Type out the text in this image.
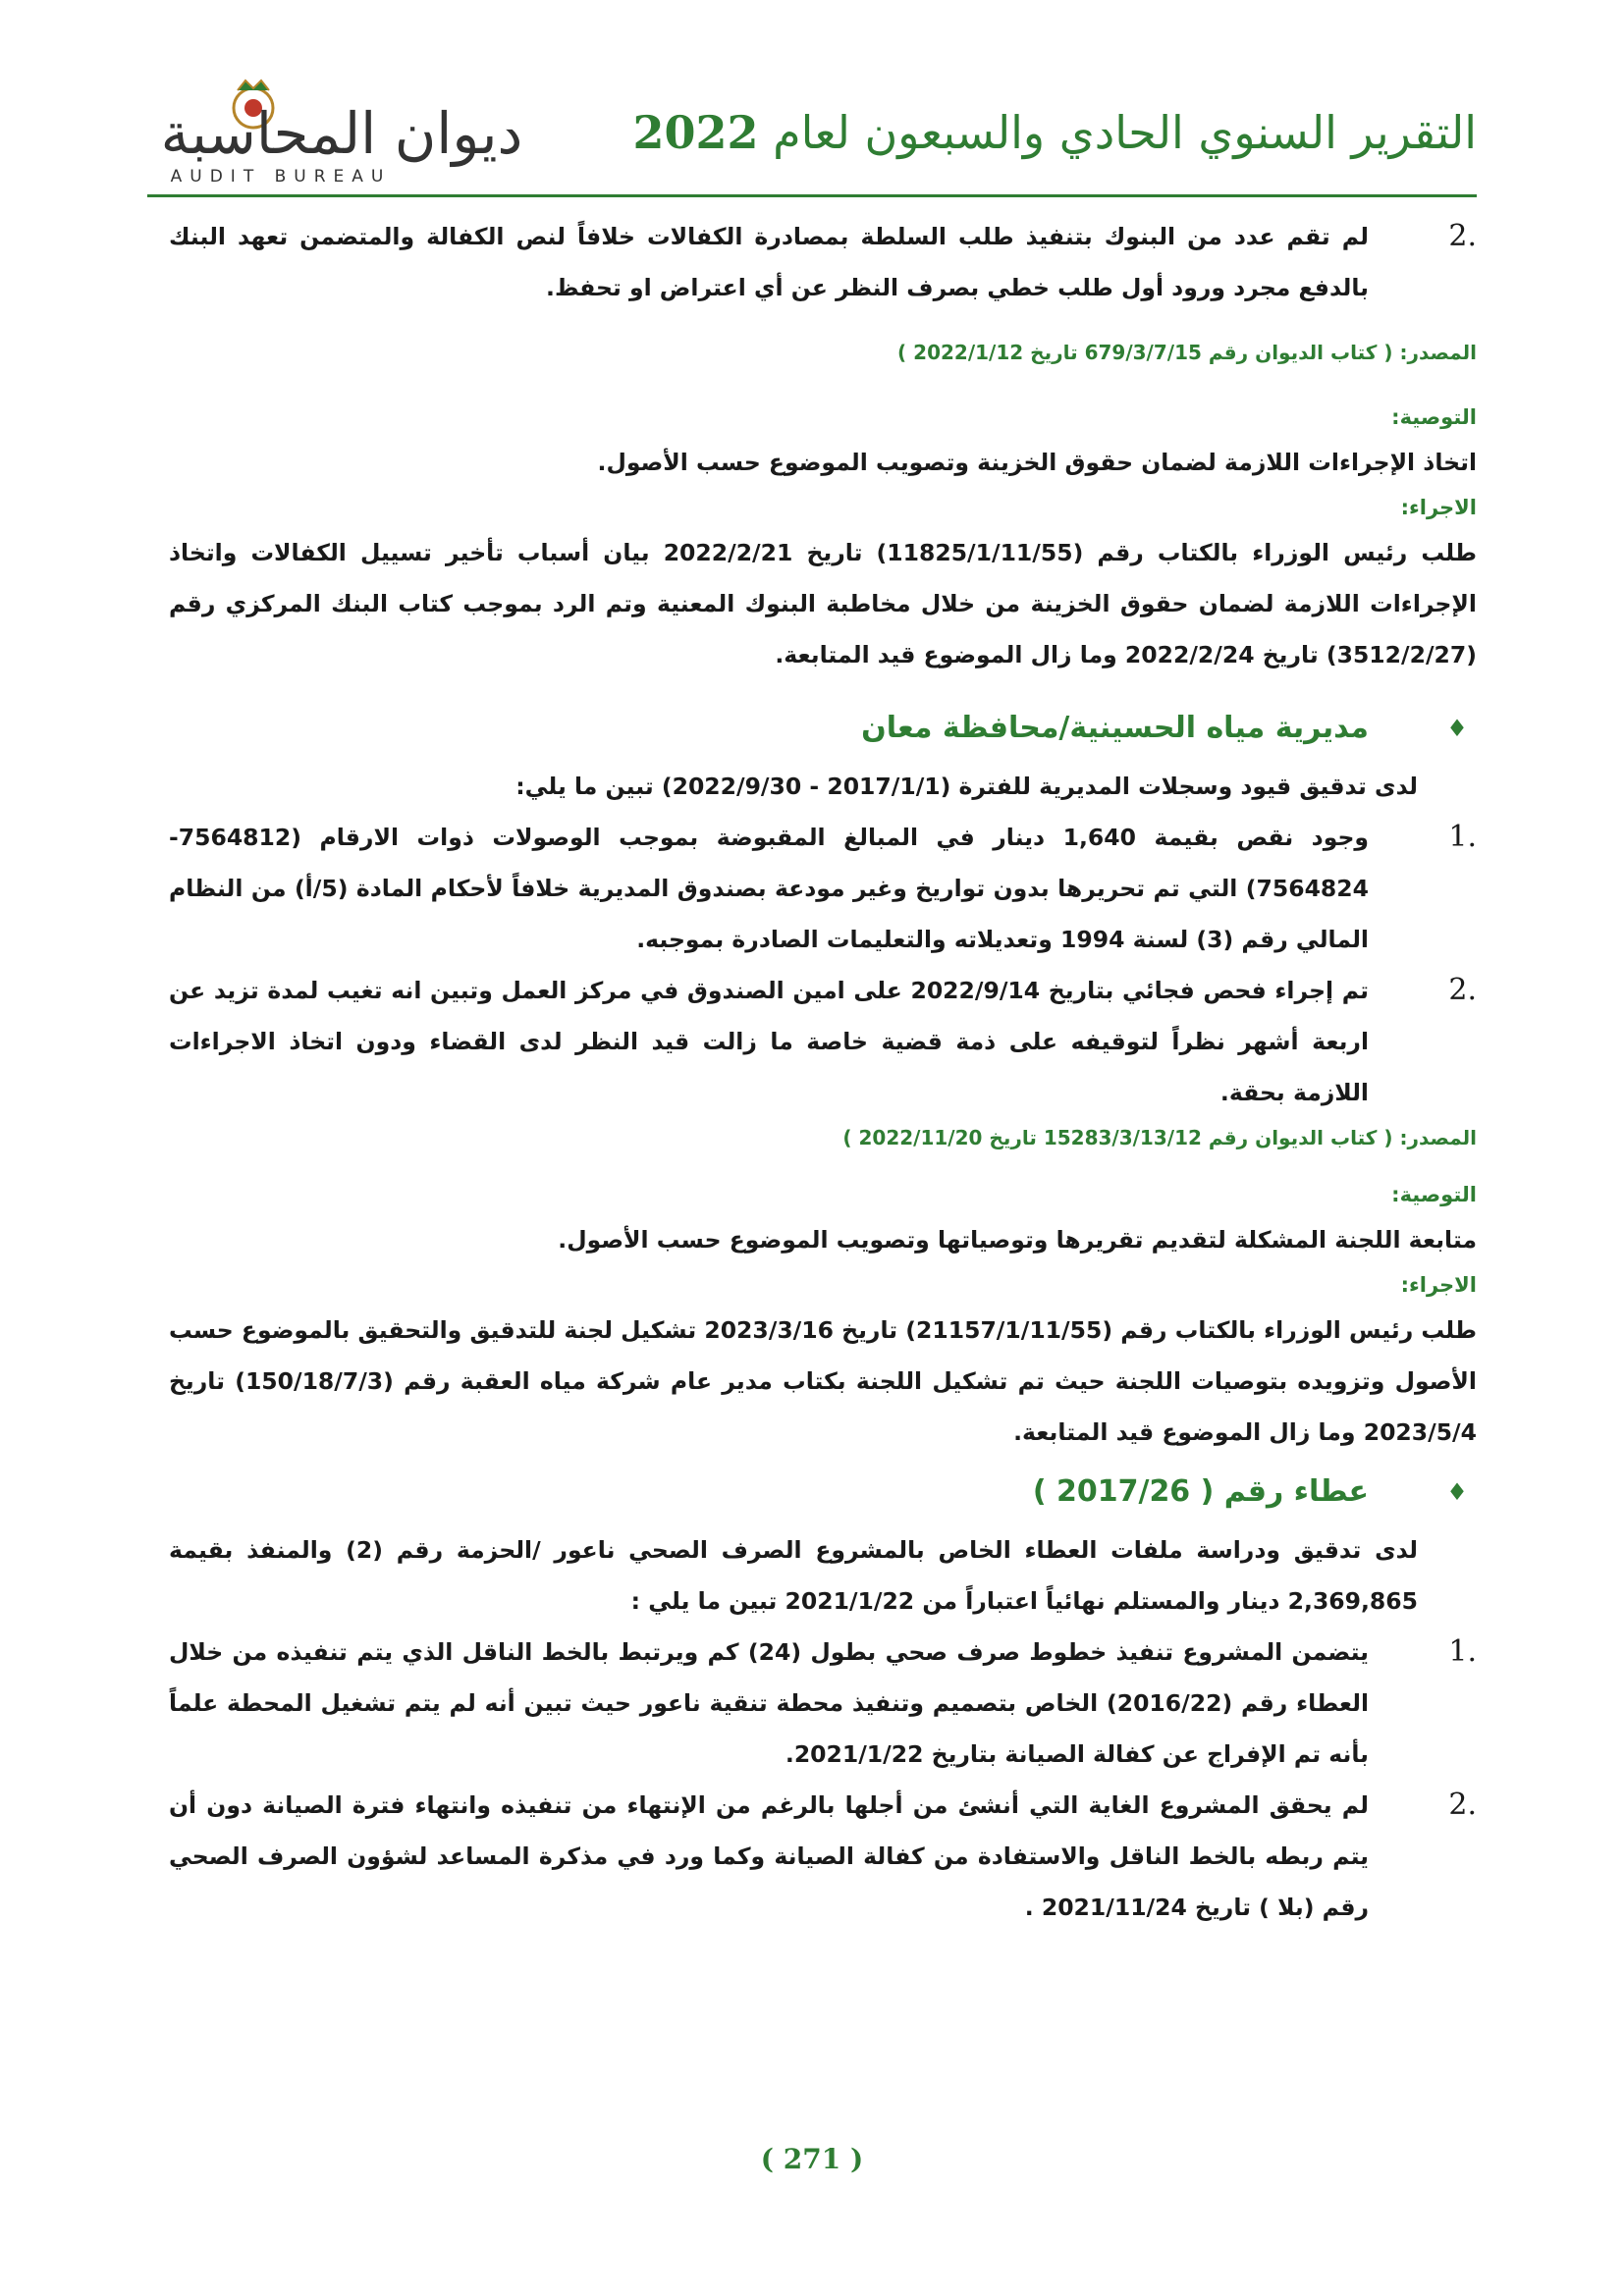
التقرير السنوي الحادي والسبعون لعام 2022
ديوان المحاسبة
AUDIT BUREAU
.2
لم تقم عدد من البنوك بتنفيذ طلب السلطة بمصادرة الكفالات خلافاً لنص الكفالة والمتضمن تعهد البنك بالدفع مجرد ورود أول طلب خطي بصرف النظر عن أي اعتراض او تحفظ.

المصدر: ( كتاب الديوان رقم 679/3/7/15 تاريخ 2022/1/12 )

التوصية:

اتخاذ الإجراءات اللازمة لضمان حقوق الخزينة وتصويب الموضوع حسب الأصول.

الاجراء:

طلب رئيس الوزراء بالكتاب رقم (11825/1/11/55) تاريخ 2022/2/21 بيان أسباب تأخير تسييل الكفالات واتخاذ الإجراءات اللازمة لضمان حقوق الخزينة من خلال مخاطبة البنوك المعنية وتم الرد بموجب كتاب البنك المركزي رقم (3512/2/27) تاريخ 2022/2/24 وما زال الموضوع قيد المتابعة.

♦
مديرية مياه الحسينية/محافظة معان

لدى تدقيق قيود وسجلات المديرية للفترة (2017/1/1 - 2022/9/30) تبين ما يلي:

.1
وجود نقص بقيمة 1,640 دينار في المبالغ المقبوضة بموجب الوصولات ذوات الارقام (7564812-7564824) التي تم تحريرها بدون تواريخ وغير مودعة بصندوق المديرية خلافاً لأحكام المادة (5/أ) من النظام المالي رقم (3) لسنة 1994 وتعديلاته والتعليمات الصادرة بموجبه.
.2
تم إجراء فحص فجائي بتاريخ 2022/9/14 على امين الصندوق في مركز العمل وتبين انه تغيب لمدة تزيد عن اربعة أشهر نظراً لتوقيفه على ذمة قضية خاصة ما زالت قيد النظر لدى القضاء ودون اتخاذ الاجراءات اللازمة بحقة.

المصدر: ( كتاب الديوان رقم 15283/3/13/12 تاريخ 2022/11/20 )

التوصية:

متابعة اللجنة المشكلة لتقديم تقريرها وتوصياتها وتصويب الموضوع حسب الأصول.

الاجراء:

طلب رئيس الوزراء بالكتاب رقم (21157/1/11/55) تاريخ 2023/3/16 تشكيل لجنة للتدقيق والتحقيق بالموضوع حسب الأصول وتزويده بتوصيات اللجنة حيث تم تشكيل اللجنة بكتاب مدير عام شركة مياه العقبة رقم (150/18/7/3) تاريخ 2023/5/4 وما زال الموضوع قيد المتابعة.

♦
عطاء رقم ( 2017/26 )

لدى تدقيق ودراسة ملفات العطاء الخاص بالمشروع الصرف الصحي ناعور /الحزمة رقم (2) والمنفذ بقيمة 2,369,865 دينار والمستلم نهائياً اعتباراً من 2021/1/22 تبين ما يلي :

.1
يتضمن المشروع تنفيذ خطوط صرف صحي بطول (24) كم ويرتبط بالخط الناقل الذي يتم تنفيذه من خلال العطاء رقم (2016/22) الخاص بتصميم وتنفيذ محطة تنقية ناعور حيث تبين أنه لم يتم تشغيل المحطة علماً بأنه تم الإفراج عن كفالة الصيانة بتاريخ 2021/1/22.
.2
لم يحقق المشروع الغاية التي أنشئ من أجلها بالرغم من الإنتهاء من تنفيذه وانتهاء فترة الصيانة دون أن يتم ربطه بالخط الناقل والاستفادة من كفالة الصيانة وكما ورد في مذكرة المساعد لشؤون الصرف الصحي رقم (بلا ) تاريخ 2021/11/24 .
( 271 )
